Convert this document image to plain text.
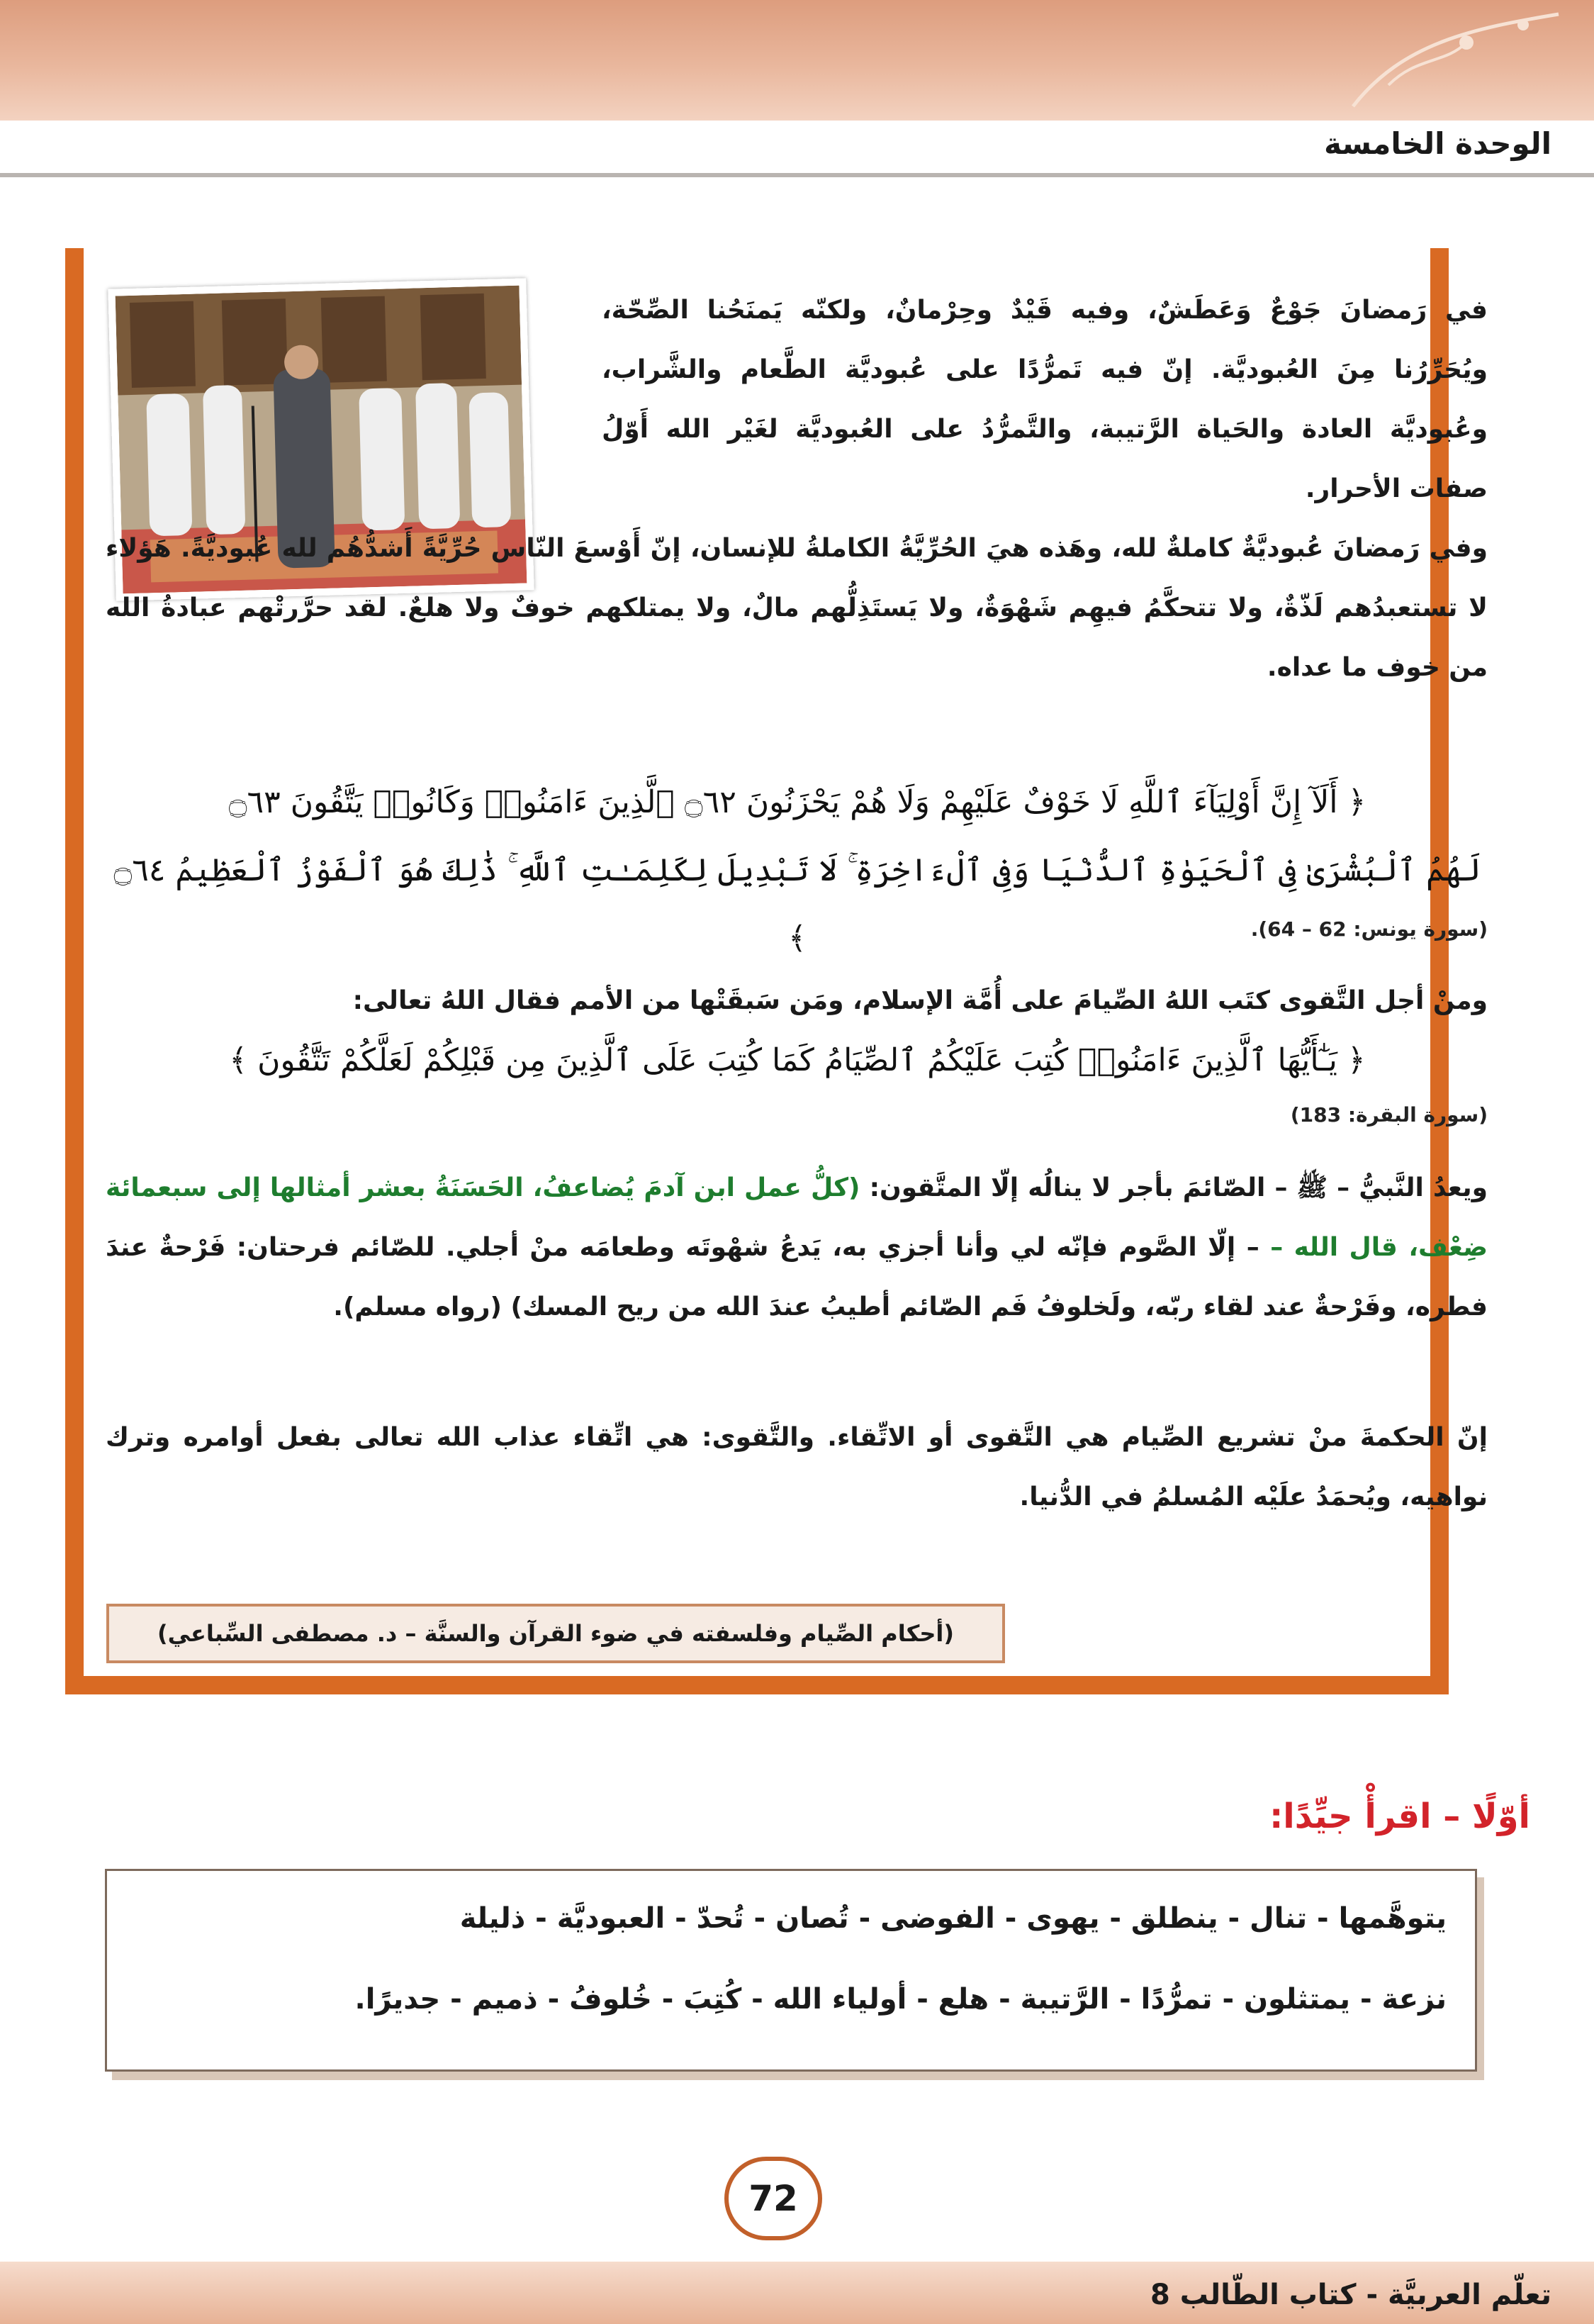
الوحدة الخامسة

في رَمضانَ جَوْعٌ وَعَطَشٌ، وفيه قَيْدٌ وحِرْمانٌ، ولكنّه يَمنَحُنا الصِّحّة، ويُحَرِّرُنا مِنَ العُبوديَّة. إنّ فيه تَمرُّدًا على عُبوديَّة الطَّعام والشَّراب، وعُبوديَّة العادة والحَياة الرَّتيبة، والتَّمرُّدُ على العُبوديَّة لغَيْر الله أَوّلُ صفات الأحرار.

وفي رَمضانَ عُبوديَّةٌ كاملةٌ لله، وهَذه هيَ الحُرِّيَّةُ الكاملةُ للإنسان، إنّ أَوْسعَ النّاس حُرِّيَّةً أَشدُّهُم لله عُبوديَّةً. هَؤلاء لا تستعبدُهم لَذّةٌ، ولا تتحكَّمُ فيهِم شَهْوَةٌ، ولا يَستَذِلُّهم مالٌ، ولا يمتلكهم خوفٌ ولا هلعٌ. لقد حرَّرتْهم عبادةُ الله من خوف ما عداه.

﴿ أَلَآ إِنَّ أَوْلِيَآءَ ٱللَّهِ لَا خَوْفٌ عَلَيْهِمْ وَلَا هُمْ يَحْزَنُونَ ۝٦٢ ٱلَّذِينَ ءَامَنُوا۟ وَكَانُوا۟ يَتَّقُونَ ۝٦٣

لَهُمُ ٱلْبُشْرَىٰ فِى ٱلْحَيَوٰةِ ٱلدُّنْيَا وَفِى ٱلْءَاخِرَةِ ۚ لَا تَبْدِيلَ لِكَلِمَـٰتِ ٱللَّهِ ۚ ذَٰلِكَ هُوَ ٱلْفَوْزُ ٱلْعَظِيمُ ۝٦٤ ﴾	(سورة يونس: 62 – 64).

ومنْ أجل التَّقوى كتَب اللهُ الصِّيامَ على أُمَّة الإسلام، ومَن سَبقَتْها من الأمم فقال اللهُ تعالى:

﴿ يَـٰٓأَيُّهَا ٱلَّذِينَ ءَامَنُوا۟ كُتِبَ عَلَيْكُمُ ٱلصِّيَامُ كَمَا كُتِبَ عَلَى ٱلَّذِينَ مِن قَبْلِكُمْ لَعَلَّكُمْ تَتَّقُونَ ﴾

(سورة البقرة: 183)

ويعدُ النَّبيُّ – ﷺ – الصّائمَ بأجر لا ينالُه إلّا المتَّقون: (كلُّ عمل ابن آدمَ يُضاعفُ، الحَسَنَةُ بعشر أمثالها إلى سبعمائة ضِعْف، قال الله – – إلّا الصَّوم فإنّه لي وأنا أجزي به، يَدعُ شهْوتَه وطعامَه منْ أجلي. للصّائم فرحتان: فَرْحةٌ عندَ فطره، وفَرْحةٌ عند لقاء ربّه، ولَخلوفُ فَم الصّائم أطيبُ عندَ الله من ريح المسك) (رواه مسلم).

إنّ الحكمةَ منْ تشريع الصِّيام هي التَّقوى أو الاتِّقاء. والتَّقوى: هي اتِّقاء عذاب الله تعالى بفعل أوامره وترك نواهيه، ويُحمَدُ علَيْه المُسلمُ في الدُّنيا.

(أحكام الصِّيام وفلسفته في ضوء القرآن والسنَّة – د. مصطفى السِّباعي)
أوّلًا – اقرأْ جيِّدًا:
يتوهَّمها - تنال - ينطلق - يهوى - الفوضى - تُصان - تُحدّ - العبوديَّة - ذليلة
نزعة - يمتثلون - تمرُّدًا - الرَّتيبة - هلع - أولياء الله - كُتِبَ - خُلوفُ - ذميم - جديرًا.
72
تعلّم العربيَّة - كتاب الطّالب 8
